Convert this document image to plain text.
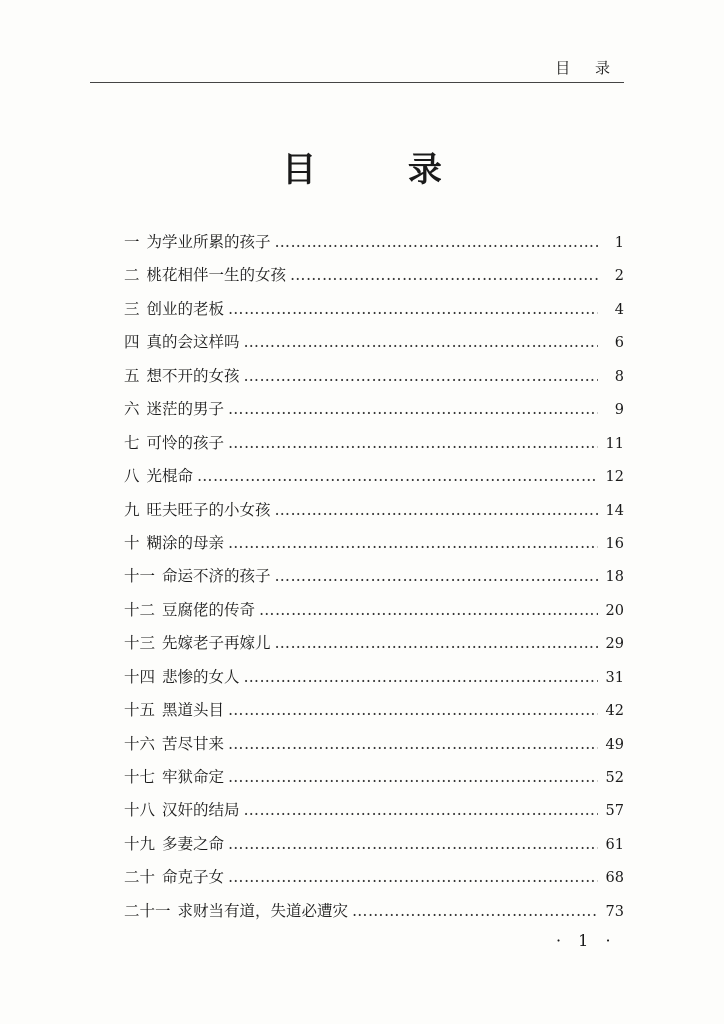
目 录
目 录
一 为学业所累的孩子 ………………………………………………………………………………………………………………………………	1
二 桃花相伴一生的女孩 ………………………………………………………………………………………………………………………………	2
三 创业的老板 ………………………………………………………………………………………………………………………………	4
四 真的会这样吗 ………………………………………………………………………………………………………………………………	6
五 想不开的女孩 ………………………………………………………………………………………………………………………………	8
六 迷茫的男子 ………………………………………………………………………………………………………………………………	9
七 可怜的孩子 ………………………………………………………………………………………………………………………………	11
八 光棍命 ………………………………………………………………………………………………………………………………	12
九 旺夫旺子的小女孩 ………………………………………………………………………………………………………………………………	14
十 糊涂的母亲 ………………………………………………………………………………………………………………………………	16
十一 命运不济的孩子 ………………………………………………………………………………………………………………………………	18
十二 豆腐佬的传奇 ………………………………………………………………………………………………………………………………	20
十三 先嫁老子再嫁儿 ………………………………………………………………………………………………………………………………	29
十四 悲惨的女人 ………………………………………………………………………………………………………………………………	31
十五 黑道头目 ………………………………………………………………………………………………………………………………	42
十六 苦尽甘来 ………………………………………………………………………………………………………………………………	49
十七 牢狱命定 ………………………………………………………………………………………………………………………………	52
十八 汉奸的结局 ………………………………………………………………………………………………………………………………	57
十九 多妻之命 ………………………………………………………………………………………………………………………………	61
二十 命克子女 ………………………………………………………………………………………………………………………………	68
二十一 求财当有道，失道必遭灾 ………………………………………………………………………………………………………………………………	73
· 1 ·
